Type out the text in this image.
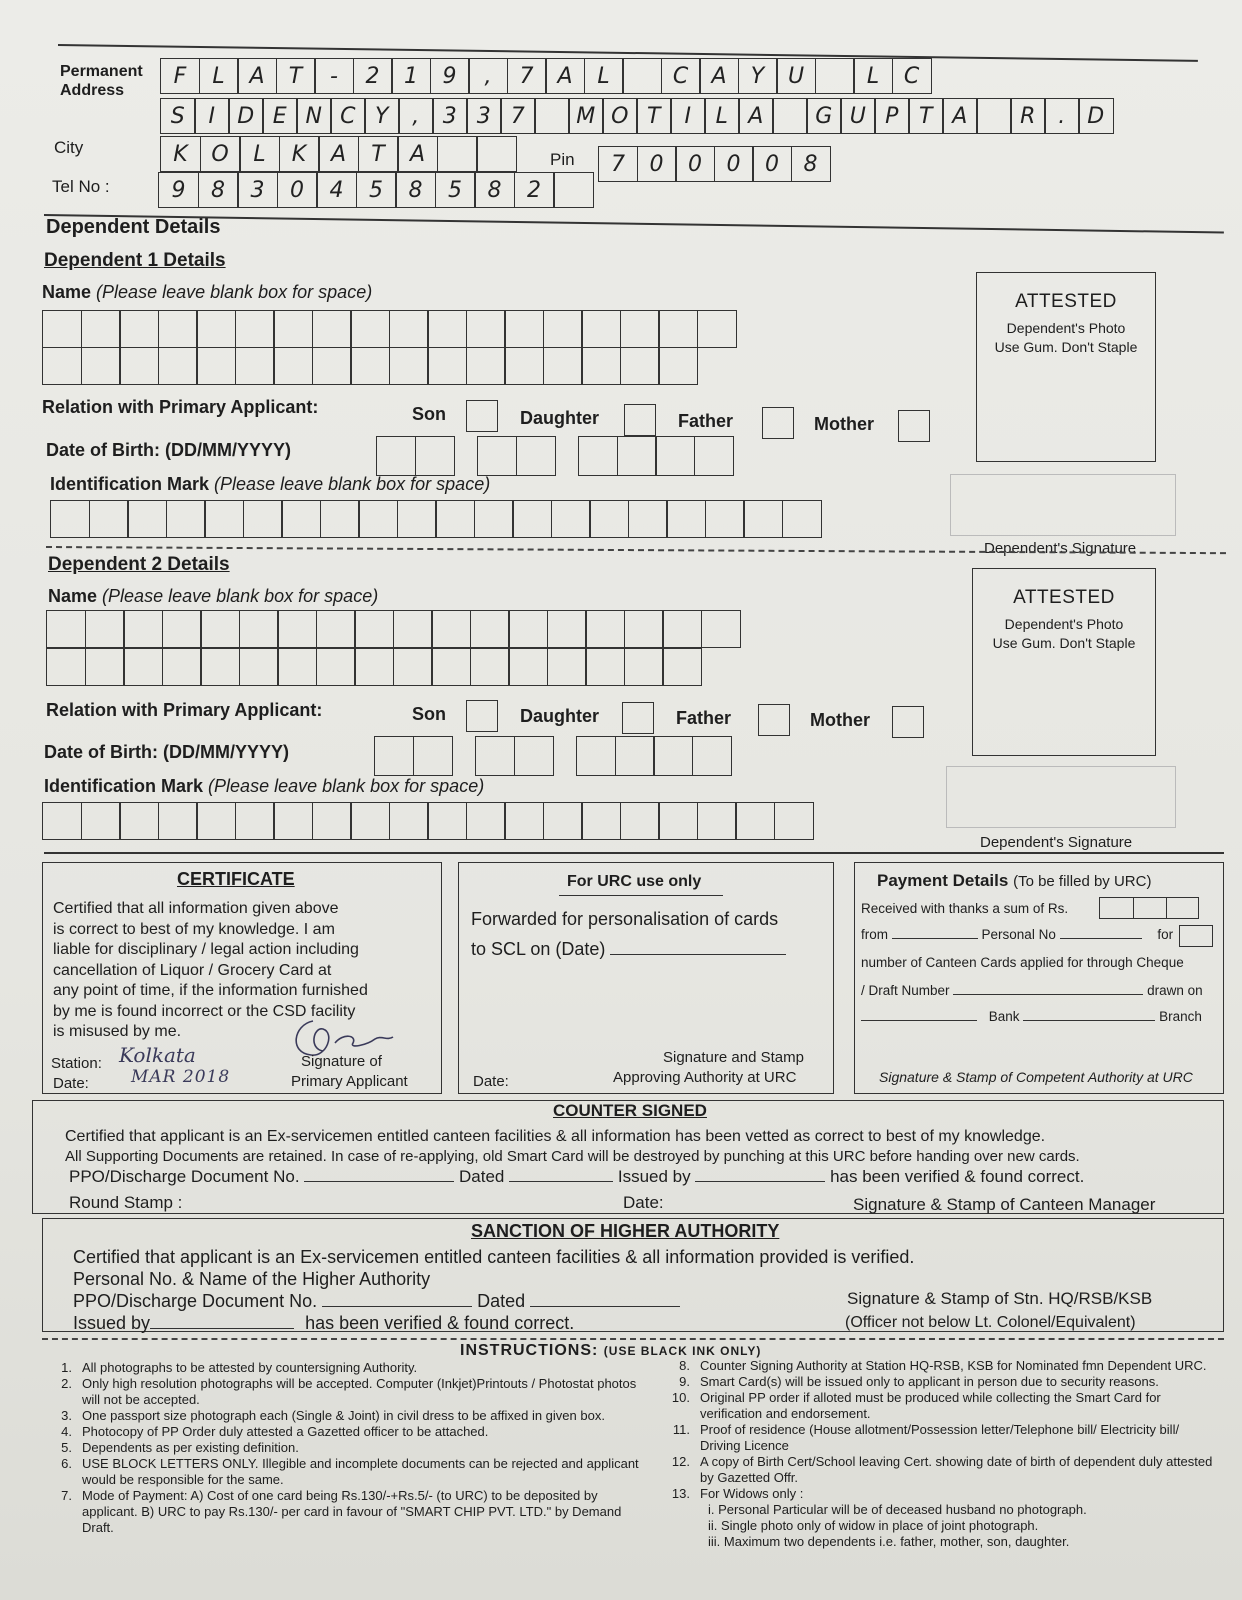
Permanent Address
F	L	A	T	-	2	1	9	,	7	A	L	C	A	Y	U	L	C
S	I	D E N C Y	,	3 3 7	M O T	I	L A	G U P T A	R	.	D
City	K	O	L	K	A	T	A	Pin	7	0	0	0	0	8
Tel No :	9	8	3	0	4	5	8	5	8	2
Dependent Details
Dependent 1 Details
Name (Please leave blank box for space)
Relation with Primary Applicant:	Son	Daughter	Father	Mother
Date of Birth: (DD/MM/YYYY)
Identification Mark (Please leave blank box for space)
ATTESTED
Dependent's Photo
Use Gum. Don't Staple
Dependent's Signature
Dependent 2 Details
Name (Please leave blank box for space)
Relation with Primary Applicant:	Son	Daughter	Father	Mother
Date of Birth: (DD/MM/YYYY)
Identification Mark (Please leave blank box for space)
ATTESTED
Dependent's Photo
Use Gum. Don't Staple
Dependent's Signature
CERTIFICATE
Certified that all information given above
is correct to best of my knowledge. I am
liable for disciplinary / legal action including
cancellation of Liquor / Grocery Card at
any point of time, if the information furnished
by me is found incorrect or the CSD facility
is misused by me.
Station: Kolkata
Date: MAR 2018
Signature of
Primary Applicant
For URC use only
Forwarded for personalisation of cards
to SCL on (Date)
Signature and Stamp
Approving Authority at URC
Date:
Payment Details (To be filled by URC)
Received with thanks a sum of Rs.
from	Personal No	for
number of Canteen Cards applied for through Cheque
/ Draft Number	drawn on
Bank	Branch
Signature & Stamp of Competent Authority at URC
COUNTER SIGNED
Certified that applicant is an Ex-servicemen entitled canteen facilities & all information has been vetted as correct to best of my knowledge.
All Supporting Documents are retained. In case of re-applying, old Smart Card will be destroyed by punching at this URC before handing over new cards.
PPO/Discharge Document No.	Dated	Issued by	has been verified & found correct.
Round Stamp :	Date:	Signature & Stamp of Canteen Manager
SANCTION OF HIGHER AUTHORITY
Certified that applicant is an Ex-servicemen entitled canteen facilities & all information provided is verified.
Personal No. & Name of the Higher Authority
PPO/Discharge Document No.	Dated	Signature & Stamp of Stn. HQ/RSB/KSB
Issued by	has been verified & found correct.	(Officer not below Lt. Colonel/Equivalent)
INSTRUCTIONS: (USE BLACK INK ONLY)
1. All photographs to be attested by countersigning Authority.
2. Only high resolution photographs will be accepted. Computer (Inkjet)Printouts / Photostat photos will not be accepted.
3. One passport size photograph each (Single & Joint) in civil dress to be affixed in given box.
4. Photocopy of PP Order duly attested a Gazetted officer to be attached.
5. Dependents as per existing definition.
6. USE BLOCK LETTERS ONLY. Illegible and incomplete documents can be rejected and applicant would be responsible for the same.
7. Mode of Payment: A) Cost of one card being Rs.130/-+Rs.5/- (to URC) to be deposited by applicant. B) URC to pay Rs.130/- per card in favour of "SMART CHIP PVT. LTD." by Demand Draft.
8. Counter Signing Authority at Station HQ-RSB, KSB for Nominated fmn Dependent URC.
9. Smart Card(s) will be issued only to applicant in person due to security reasons.
10. Original PP order if alloted must be produced while collecting the Smart Card for verification and endorsement.
11. Proof of residence (House allotment/Possession letter/Telephone bill/ Electricity bill/ Driving Licence
12. A copy of Birth Cert/School leaving Cert. showing date of birth of dependent duly attested by Gazetted Offr.
13. For Widows only :
i. Personal Particular will be of deceased husband no photograph.
ii. Single photo only of widow in place of joint photograph.
iii. Maximum two dependents i.e. father, mother, son, daughter.
